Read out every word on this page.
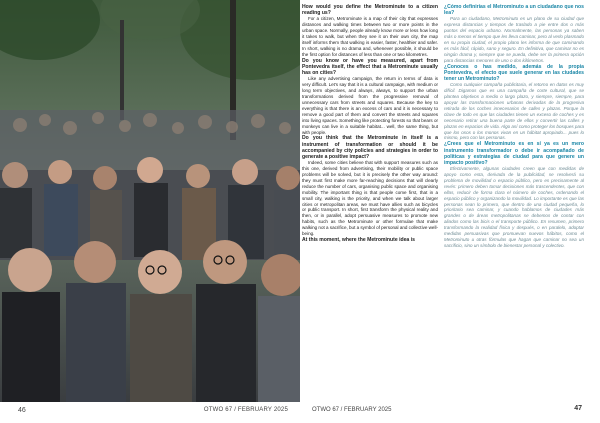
46	OTWO 67 / FEBRUARY 2025

How would you define the Metrominute to a citizen reading us?

For a citizen, Metrominute is a map of their city that expresses distances and walking times between two or more points in the urban space. Normally, people already know more or less how long it takes to walk, but when they see it on their own city, the map itself informs them that walking is easier, faster, healthier and safer. In short, walking is no drama and, whenever possible, it should be the first option for distances of less than one or two kilometres.

Do you know or have you measured, apart from Pontevedra itself, the effect that a Metrominute usually has on cities?

Like any advertising campaign, the return in terms of data is very difficult. Let's say that it is a cultural campaign, with medium or long term objectives, and always, always, to support the urban transformations derived from the progressive removal of unnecessary cars from streets and squares. Because the key to everything is that there is an excess of cars and it is necessary to remove a good part of them and convert the streets and squares into living spaces. Something like protecting forests so that bears or monkeys can live in a suitable habitat... well, the same thing, but with people.

Do you think that the Metrominute in itself is a instrument of transformation or should it be accompanied by city policies and strategies in order to generate a positive impact?

Indeed, some cities believe that with support measures such as this one, derived from advertising, their mobility or public space problems will be solved, but it is precisely the other way around: they must first make more far-reaching decisions that will clearly reduce the number of cars, organising public space and organising mobility. The important thing is that people come first, that in a small city, walking is the priority, and when we talk about larger cities or metropolitan areas, we must have allies such as bicycles or public transport. In short, first transform the physical reality and then, or in parallel, adopt persuasive measures to promote new habits, such as the Metrominute or other formulae that make walking not a sacrifice, but a symbol of personal and collective well-being.

At this moment, where the Metrominute idea is

¿Cómo definirías el Metrominuto a un ciudadano que nos lea?

Para un ciudadano, Metrominuto es un plano de su ciudad que expresa distancias y tiempos de traslado a pie entre dos o más puntos del espacio urbano. Normalmente, las personas ya saben más o menos el tiempo que les lleva caminar, pero al verlo plasmado en su propia ciudad, el propio plano les informa de que caminando es más fácil, rápido, sano y seguro. En definitiva, que caminar no es ningún drama y, siempre que se pueda, debe ser la primera opción para distancias menores de uno o dos kilómetros.

¿Conoces o has medido, además de la propia Pontevedra, el efecto que suele generar en las ciudades tener un Metrominuto?

Como cualquier campaña publicitaria, el retorno en datos es muy difícil. Digamos que es una campaña de corte cultural, que se plantea objetivos a medio o largo plazo, y siempre, siempre, para apoyar las transformaciones urbanas derivadas de la progresiva retirada de los coches innecesarios de calles y plazas. Porque la clave de todo es que las ciudades tienen un exceso de coches y es necesario retirar una buena parte de ellos y convertir las calles y plazas en espacios de vida. Algo así como proteger los bosques para que los osos o los monos vivan en un hábitat apropiado... pues lo mismo, pero con las personas.

¿Crees que el Metrominuto es en sí ya es un mero instrumento transformador o debe ir acompañado de políticas y estrategias de ciudad para que genere un impacto positivo?

Efectivamente, algunas ciudades creen que con medidas de apoyo como esta, derivada de la publicidad, se resolverá su problema de movilidad o espacio público, pero es precisamente al revés: primero deben tomar decisiones más trascendentes, que con ellas, reducir de forma clara el número de coches, ordenando el espacio público y organizando la movilidad. Lo importante es que las personas sean lo primero, que dentro de una ciudad pequeña, lo prioritario sea caminar, y cuando hablamos de ciudades más grandes o de áreas metropolitanas se debemos de contar con aliados como las bicis o el transporte público. En resumen, primero transformando la realidad física y después, o en paralelo, adoptar medidas persuasivas que promuevan nuevos hábitos, como el Metrominuto u otras fórmulas que hagan que caminar no sea un sacrificio, sino un símbolo de bienestar personal y colectivo.

OTWO 67 / FEBRUARY 2025	47
